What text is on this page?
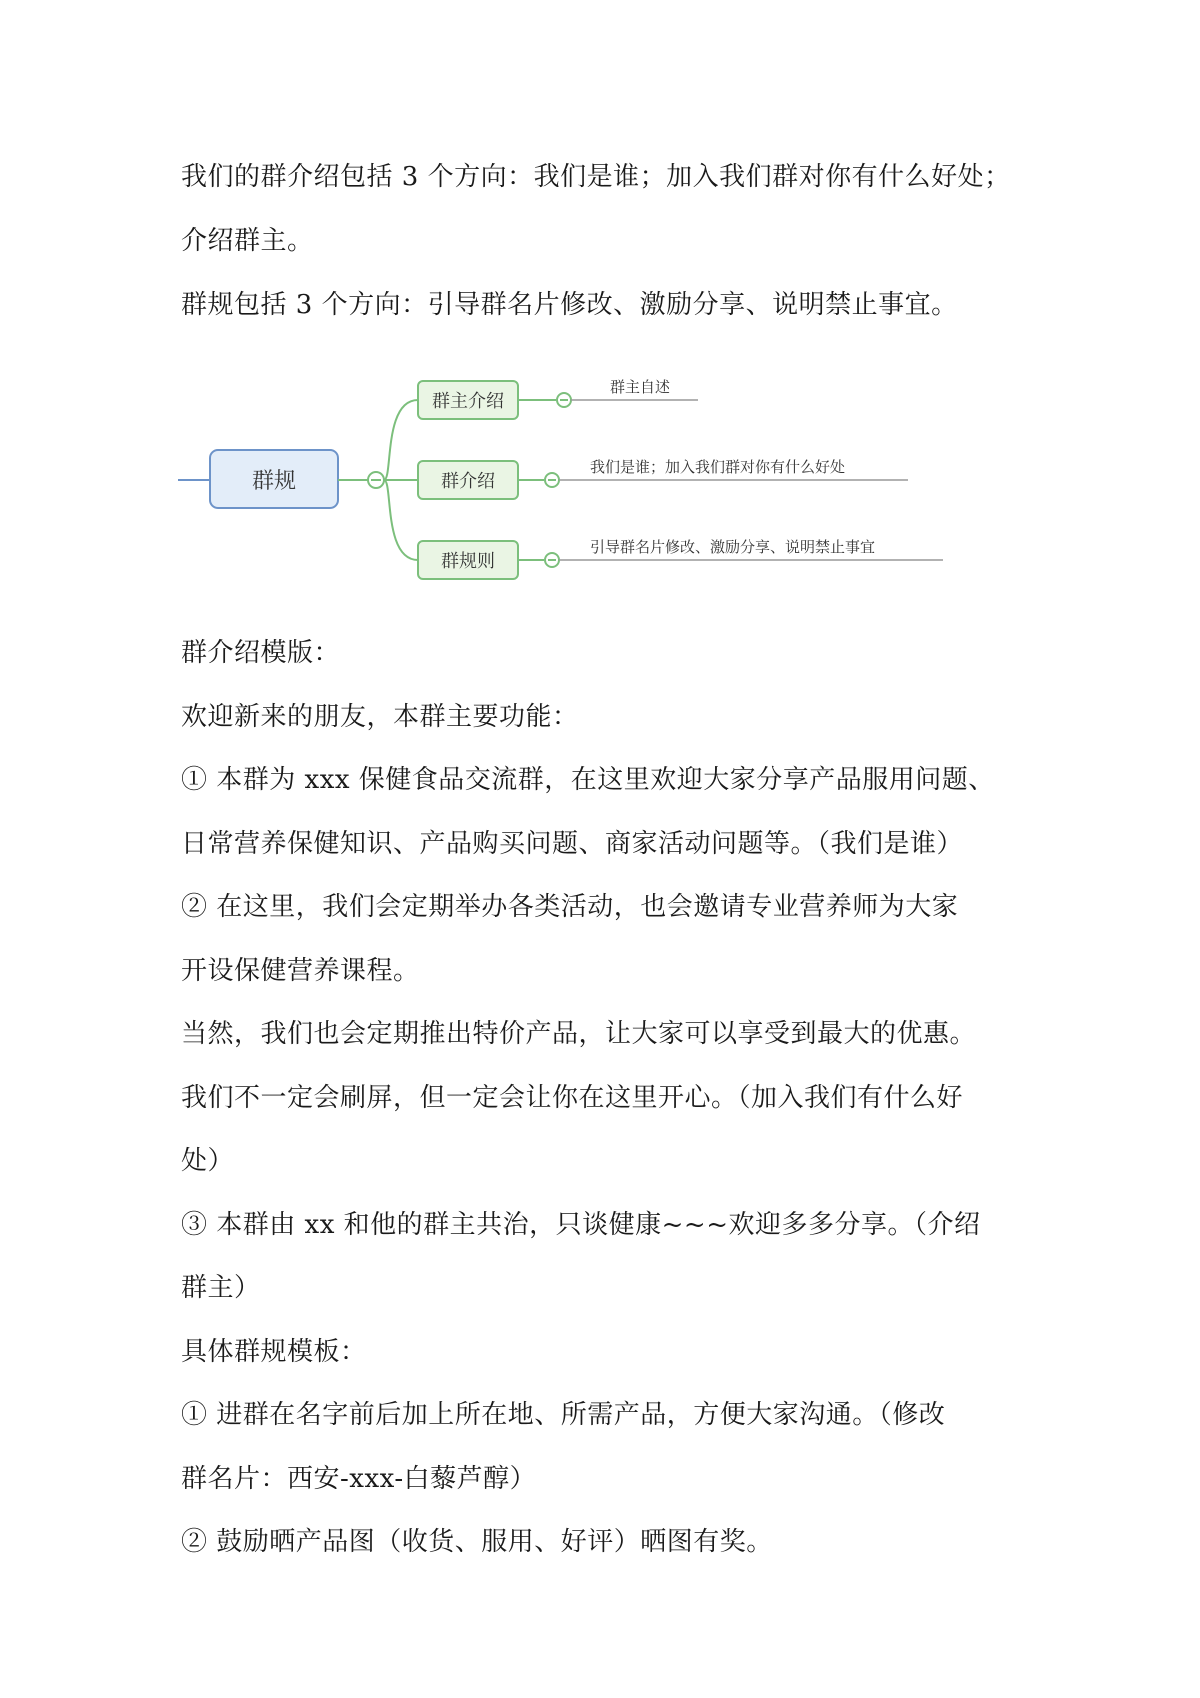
我们的群介绍包括 3 个方向：我们是谁；加入我们群对你有什么好处；
介绍群主。
群规包括 3 个方向：引导群名片修改、激励分享、说明禁止事宜。
群规
群主介绍
群主自述
群介绍
我们是谁；加入我们群对你有什么好处
群规则
引导群名片修改、激励分享、说明禁止事宜
群介绍模版：
欢迎新来的朋友，本群主要功能：
① 本群为 xxx 保健食品交流群，在这里欢迎大家分享产品服用问题、
日常营养保健知识、产品购买问题、商家活动问题等。（我们是谁）
② 在这里，我们会定期举办各类活动，也会邀请专业营养师为大家
开设保健营养课程。
当然，我们也会定期推出特价产品，让大家可以享受到最大的优惠。
我们不一定会刷屏，但一定会让你在这里开心。（加入我们有什么好
处）
③ 本群由 xx 和他的群主共治，只谈健康~~~欢迎多多分享。（介绍
群主）
具体群规模板：
① 进群在名字前后加上所在地、所需产品，方便大家沟通。（修改
群名片：西安-xxx-白藜芦醇）
② 鼓励晒产品图（收货、服用、好评）晒图有奖。
